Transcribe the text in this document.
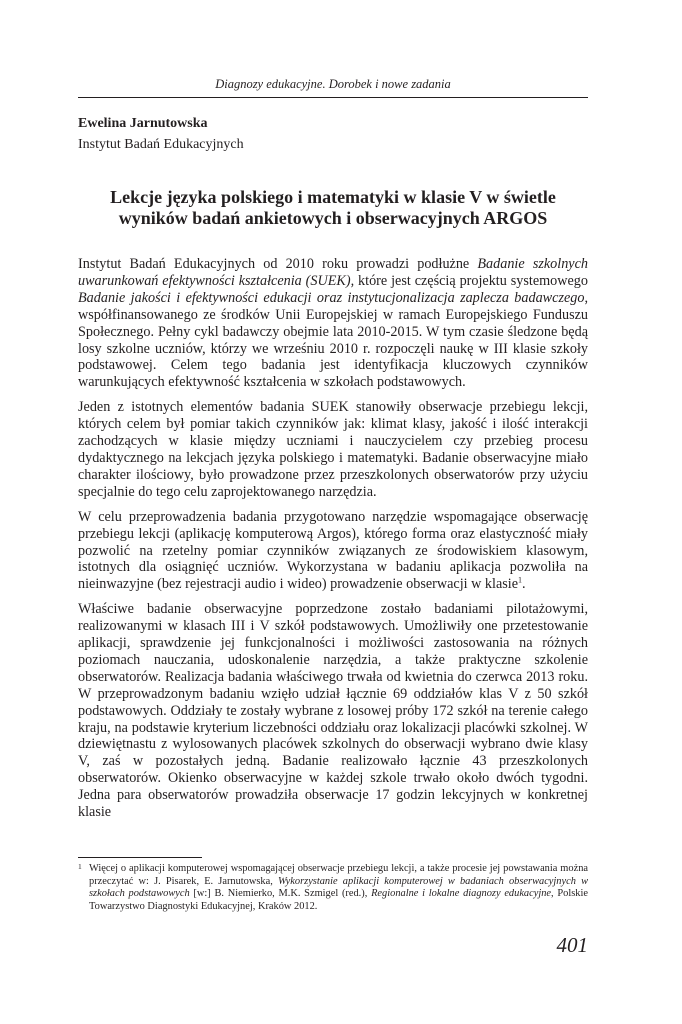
Diagnozy edukacyjne. Dorobek i nowe zadania
Ewelina Jarnutowska
Instytut Badań Edukacyjnych
Lekcje języka polskiego i matematyki w klasie V w świetle
wyników badań ankietowych i obserwacyjnych ARGOS

Instytut Badań Edukacyjnych od 2010 roku prowadzi podłużne Badanie szkolnych uwarunkowań efektywności kształcenia (SUEK), które jest częścią projektu systemowego Badanie jakości i efektywności edukacji oraz instytucjonalizacja zaplecza badawczego, współfinansowanego ze środków Unii Europejskiej w ramach Europejskiego Funduszu Społecznego. Pełny cykl badawczy obejmie lata 2010-2015. W tym czasie śledzone będą losy szkolne uczniów, którzy we wrześniu 2010 r. rozpoczęli naukę w III klasie szkoły podstawowej. Celem tego badania jest identyfikacja kluczowych czynników warunkujących efektywność kształcenia w szkołach podstawowych.

Jeden z istotnych elementów badania SUEK stanowiły obserwacje przebiegu lekcji, których celem był pomiar takich czynników jak: klimat klasy, jakość i ilość interakcji zachodzących w klasie między uczniami i nauczycielem czy przebieg procesu dydaktycznego na lekcjach języka polskiego i matematyki. Badanie obserwacyjne miało charakter ilościowy, było prowadzone przez przeszkolonych obserwatorów przy użyciu specjalnie do tego celu zaprojektowanego narzędzia.

W celu przeprowadzenia badania przygotowano narzędzie wspomagające obserwację przebiegu lekcji (aplikację komputerową Argos), którego forma oraz elastyczność miały pozwolić na rzetelny pomiar czynników związanych ze środowiskiem klasowym, istotnych dla osiągnięć uczniów. Wykorzystana w badaniu aplikacja pozwoliła na nieinwazyjne (bez rejestracji audio i wideo) prowadzenie obserwacji w klasie$^1$.

Właściwe badanie obserwacyjne poprzedzone zostało badaniami pilotażowymi, realizowanymi w klasach III i V szkół podstawowych. Umożliwiły one przetestowanie aplikacji, sprawdzenie jej funkcjonalności i możliwości zastosowania na różnych poziomach nauczania, udoskonalenie narzędzia, a także praktyczne szkolenie obserwatorów. Realizacja badania właściwego trwała od kwietnia do czerwca 2013 roku. W przeprowadzonym badaniu wzięło udział łącznie 69 oddziałów klas V z 50 szkół podstawowych. Oddziały te zostały wybrane z losowej próby 172 szkół na terenie całego kraju, na podstawie kryterium liczebności oddziału oraz lokalizacji placówki szkolnej. W dziewiętnastu z wylosowanych placówek szkolnych do obserwacji wybrano dwie klasy V, zaś w pozostałych jedną. Badanie realizowało łącznie 43 przeszkolonych obserwatorów. Okienko obserwacyjne w każdej szkole trwało około dwóch tygodni. Jedna para obserwatorów prowadziła obserwacje 17 godzin lekcyjnych w konkretnej klasie

1 Więcej o aplikacji komputerowej wspomagającej obserwacje przebiegu lekcji, a także procesie jej powstawania można przeczytać w: J. Pisarek, E. Jarnutowska, Wykorzystanie aplikacji komputerowej w badaniach obserwacyjnych w szkołach podstawowych [w:] B. Niemierko, M.K. Szmigel (red.), Regionalne i lokalne diagnozy edukacyjne, Polskie Towarzystwo Diagnostyki Edukacyjnej, Kraków 2012.
401
